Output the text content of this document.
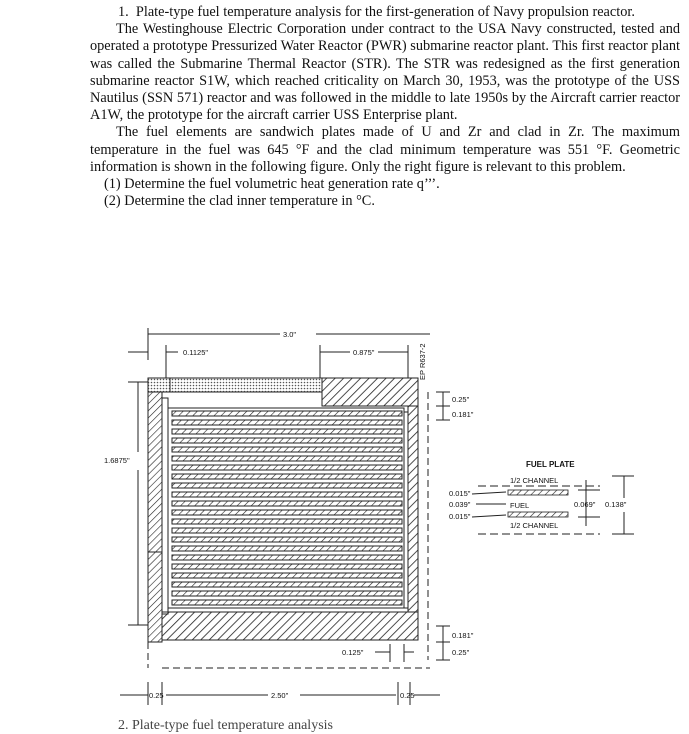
1. Plate-type fuel temperature analysis for the first-generation of Navy propulsion reactor.

The Westinghouse Electric Corporation under contract to the USA Navy constructed, tested and operated a prototype Pressurized Water Reactor (PWR) submarine reactor plant. This first reactor plant was called the Submarine Thermal Reactor (STR). The STR was redesigned as the first generation submarine reactor S1W, which reached criticality on March 30, 1953, was the prototype of the USS Nautilus (SSN 571) reactor and was followed in the middle to late 1950s by the Aircraft carrier reactor A1W, the prototype for the aircraft carrier USS Enterprise plant.

The fuel elements are sandwich plates made of U and Zr and clad in Zr. The maximum temperature in the fuel was 645 °F and the clad minimum temperature was 551 °F. Geometric information is shown in the following figure. Only the right figure is relevant to this problem.

(1) Determine the fuel volumetric heat generation rate q’’’.

(2) Determine the clad inner temperature in °C.

3.0"
0.1125"	0.875"	EP R637-2
1.6875"
0.25"
0.181"
0.181"
0.25"
0.125"
0.25	2.50"	0.25
FUEL PLATE
1/2 CHANNEL
FUEL
1/2 CHANNEL
0.015"
0.039"
0.015"
0.069" 0.138"
2. Plate-type fuel temperature analysis
